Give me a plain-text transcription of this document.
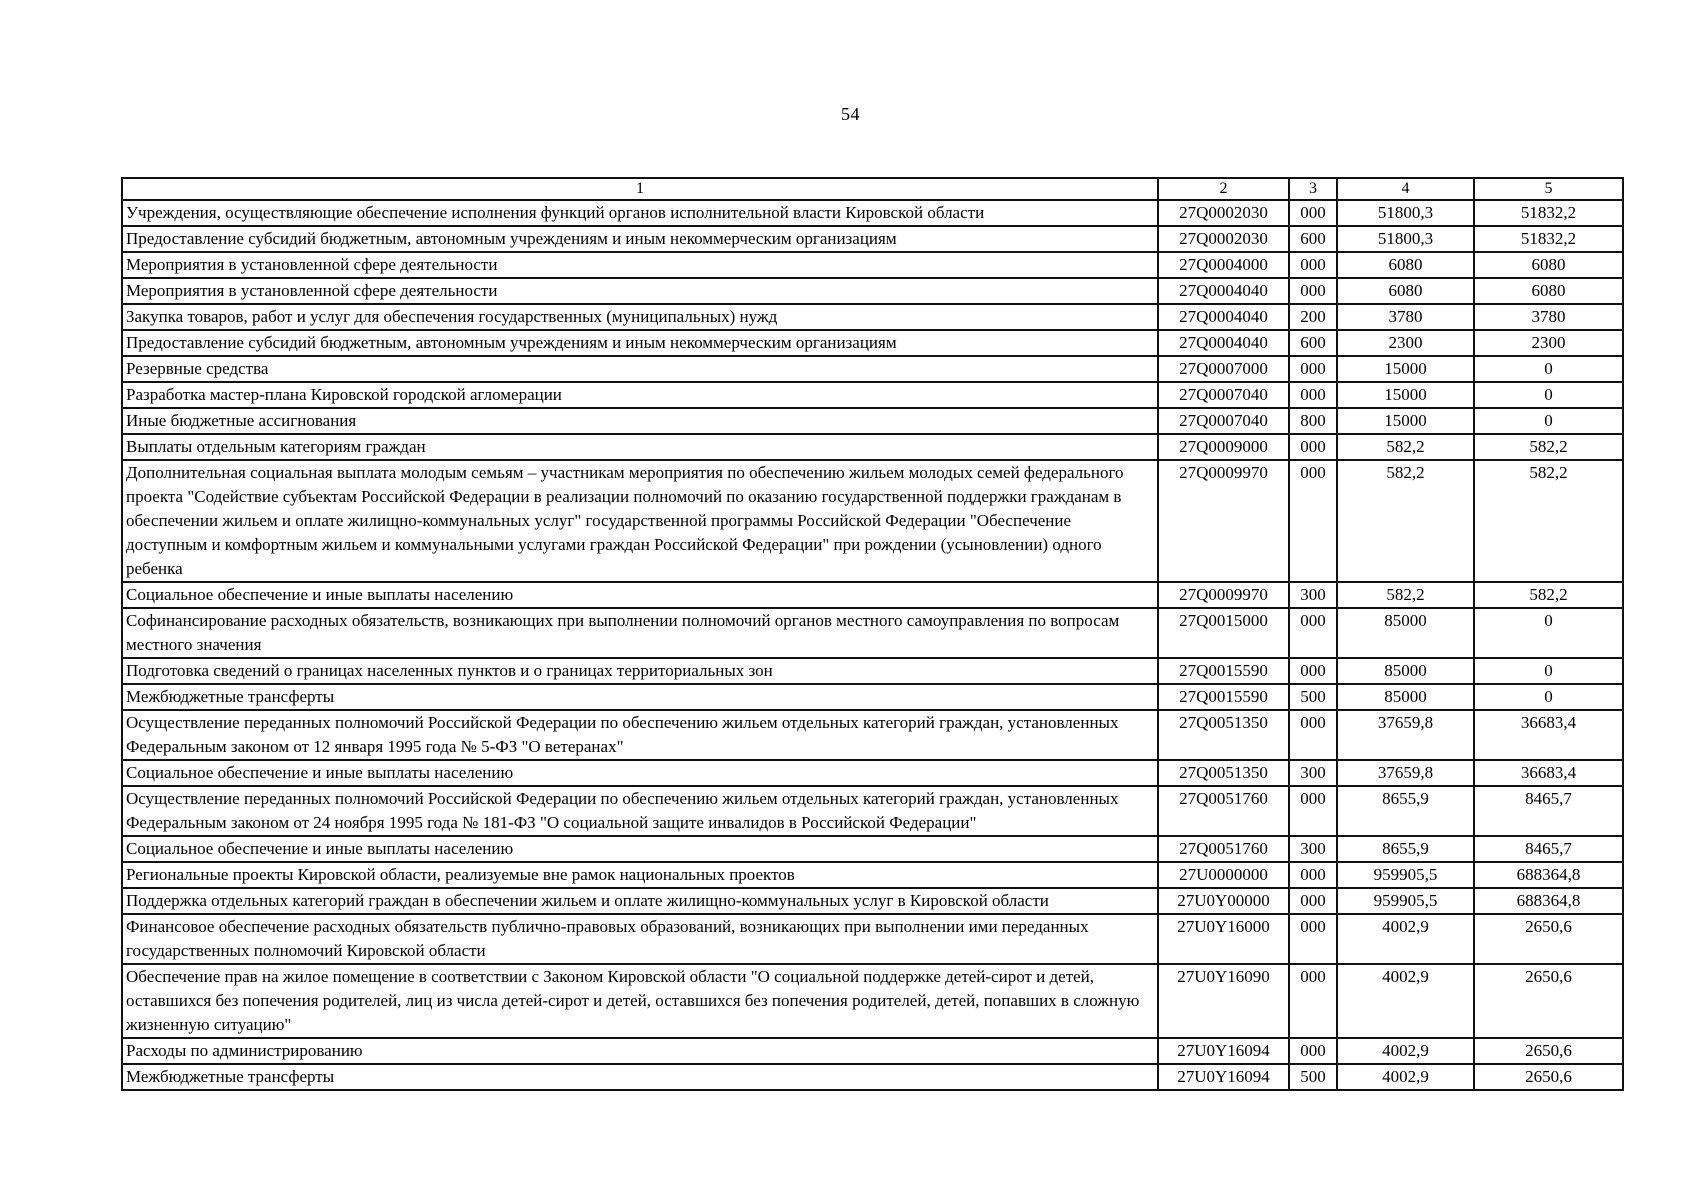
54
1	2	3	4	5
Учреждения, осуществляющие обеспечение исполнения функций органов исполнительной власти Кировской области	27Q0002030	000	51800,3	51832,2
Предоставление субсидий бюджетным, автономным учреждениям и иным некоммерческим организациям	27Q0002030	600	51800,3	51832,2
Мероприятия в установленной сфере деятельности	27Q0004000	000	6080	6080
Мероприятия в установленной сфере деятельности	27Q0004040	000	6080	6080
Закупка товаров, работ и услуг для обеспечения государственных (муниципальных) нужд	27Q0004040	200	3780	3780
Предоставление субсидий бюджетным, автономным учреждениям и иным некоммерческим организациям	27Q0004040	600	2300	2300
Резервные средства	27Q0007000	000	15000	0
Разработка мастер-плана Кировской городской агломерации	27Q0007040	000	15000	0
Иные бюджетные ассигнования	27Q0007040	800	15000	0
Выплаты отдельным категориям граждан	27Q0009000	000	582,2	582,2
Дополнительная социальная выплата молодым семьям – участникам мероприятия по обеспечению жильем молодых семей федерального проекта "Содействие субъектам Российской Федерации в реализации полномочий по оказанию государственной поддержки гражданам в обеспечении жильем и оплате жилищно-коммунальных услуг" государственной программы Российской Федерации "Обеспечение доступным и комфортным жильем и коммунальными услугами граждан Российской Федерации" при рождении (усыновлении) одного ребенка	27Q0009970	000	582,2	582,2
Социальное обеспечение и иные выплаты населению	27Q0009970	300	582,2	582,2
Софинансирование расходных обязательств, возникающих при выполнении полномочий органов местного самоуправления по вопросам местного значения	27Q0015000	000	85000	0
Подготовка сведений о границах населенных пунктов и о границах территориальных зон	27Q0015590	000	85000	0
Межбюджетные трансферты	27Q0015590	500	85000	0
Осуществление переданных полномочий Российской Федерации по обеспечению жильем отдельных категорий граждан, установленных Федеральным законом от 12 января 1995 года № 5-ФЗ "О ветеранах"	27Q0051350	000	37659,8	36683,4
Социальное обеспечение и иные выплаты населению	27Q0051350	300	37659,8	36683,4
Осуществление переданных полномочий Российской Федерации по обеспечению жильем отдельных категорий граждан, установленных Федеральным законом от 24 ноября 1995 года № 181-ФЗ "О социальной защите инвалидов в Российской Федерации"	27Q0051760	000	8655,9	8465,7
Социальное обеспечение и иные выплаты населению	27Q0051760	300	8655,9	8465,7
Региональные проекты Кировской области, реализуемые вне рамок национальных проектов	27U0000000	000	959905,5	688364,8
Поддержка отдельных категорий граждан в обеспечении жильем и оплате жилищно-коммунальных услуг в Кировской области	27U0Y00000	000	959905,5	688364,8
Финансовое обеспечение расходных обязательств публично-правовых образований, возникающих при выполнении ими переданных государственных полномочий Кировской области	27U0Y16000	000	4002,9	2650,6
Обеспечение прав на жилое помещение в соответствии с Законом Кировской области "О социальной поддержке детей-сирот и детей, оставшихся без попечения родителей, лиц из числа детей-сирот и детей, оставшихся без попечения родителей, детей, попавших в сложную жизненную ситуацию"	27U0Y16090	000	4002,9	2650,6
Расходы по администрированию	27U0Y16094	000	4002,9	2650,6
Межбюджетные трансферты	27U0Y16094	500	4002,9	2650,6
